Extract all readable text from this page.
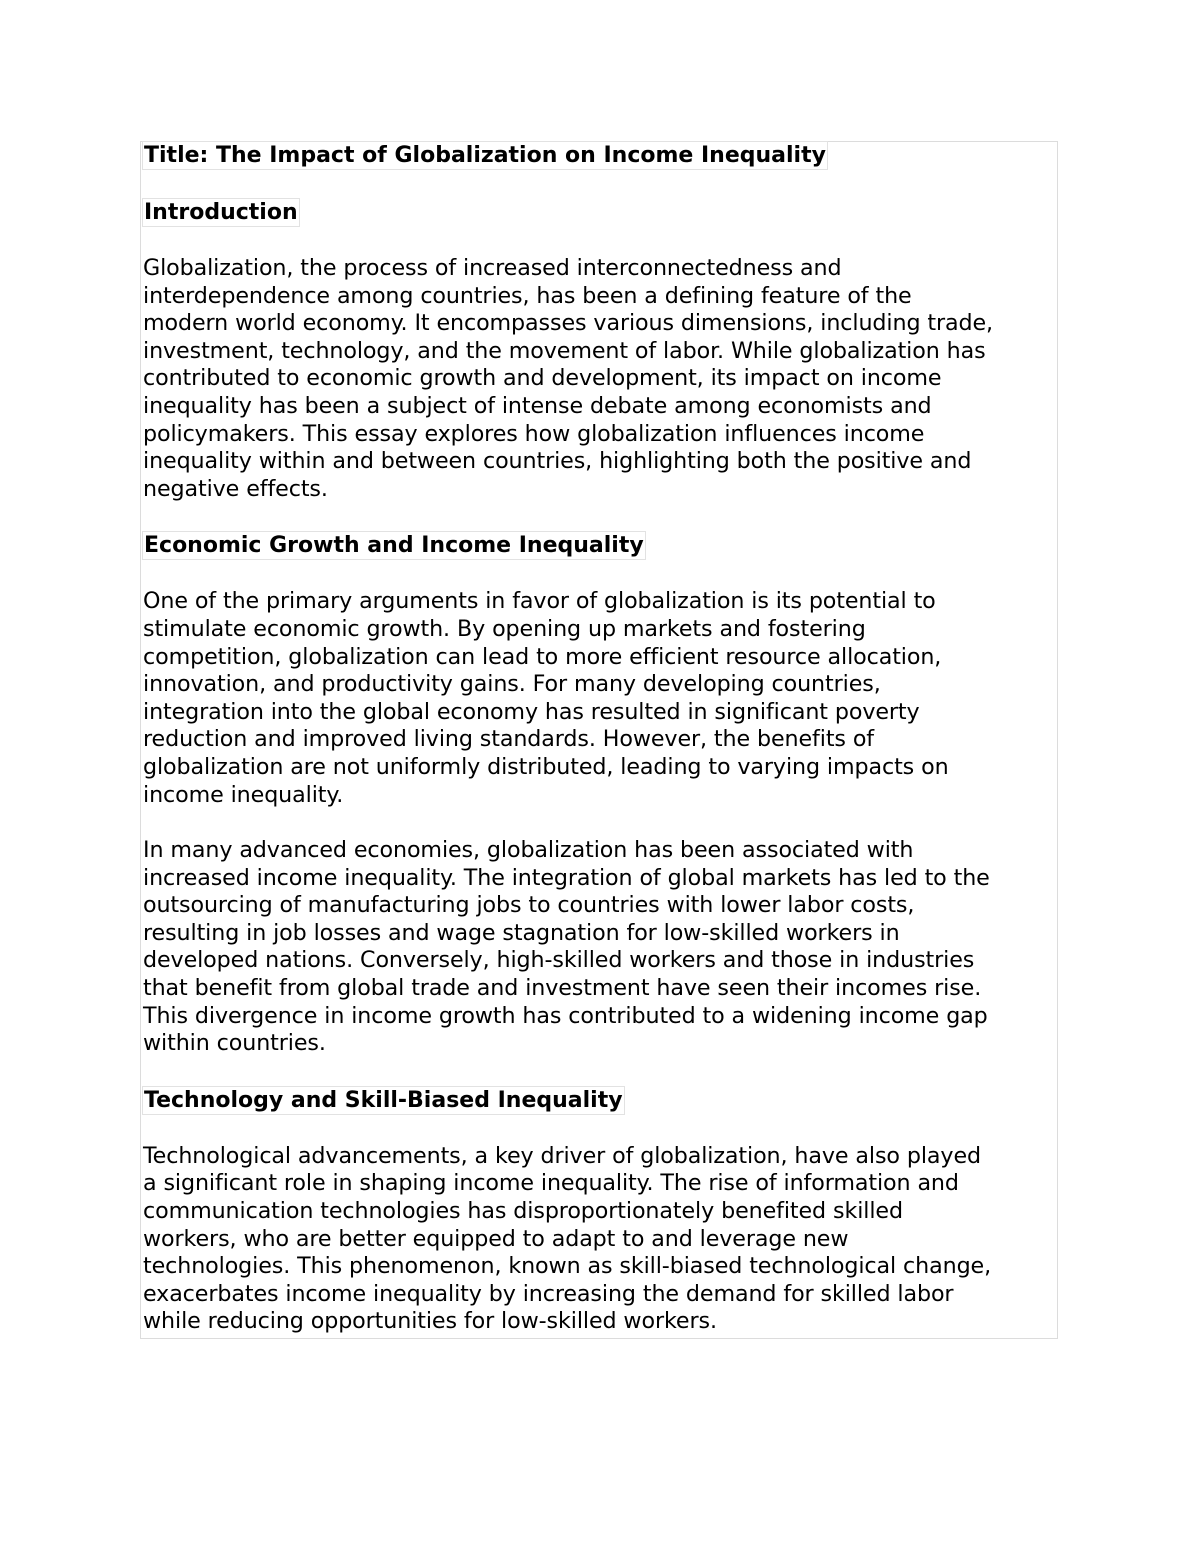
Title: The Impact of Globalization on Income Inequality
Introduction

Globalization, the process of increased interconnectedness and
interdependence among countries, has been a defining feature of the
modern world economy. It encompasses various dimensions, including trade,
investment, technology, and the movement of labor. While globalization has
contributed to economic growth and development, its impact on income
inequality has been a subject of intense debate among economists and
policymakers. This essay explores how globalization influences income
inequality within and between countries, highlighting both the positive and
negative effects.

Economic Growth and Income Inequality

One of the primary arguments in favor of globalization is its potential to
stimulate economic growth. By opening up markets and fostering
competition, globalization can lead to more efficient resource allocation,
innovation, and productivity gains. For many developing countries,
integration into the global economy has resulted in significant poverty
reduction and improved living standards. However, the benefits of
globalization are not uniformly distributed, leading to varying impacts on
income inequality.

In many advanced economies, globalization has been associated with
increased income inequality. The integration of global markets has led to the
outsourcing of manufacturing jobs to countries with lower labor costs,
resulting in job losses and wage stagnation for low-skilled workers in
developed nations. Conversely, high-skilled workers and those in industries
that benefit from global trade and investment have seen their incomes rise.
This divergence in income growth has contributed to a widening income gap
within countries.

Technology and Skill-Biased Inequality

Technological advancements, a key driver of globalization, have also played
a significant role in shaping income inequality. The rise of information and
communication technologies has disproportionately benefited skilled
workers, who are better equipped to adapt to and leverage new
technologies. This phenomenon, known as skill-biased technological change,
exacerbates income inequality by increasing the demand for skilled labor
while reducing opportunities for low-skilled workers.
